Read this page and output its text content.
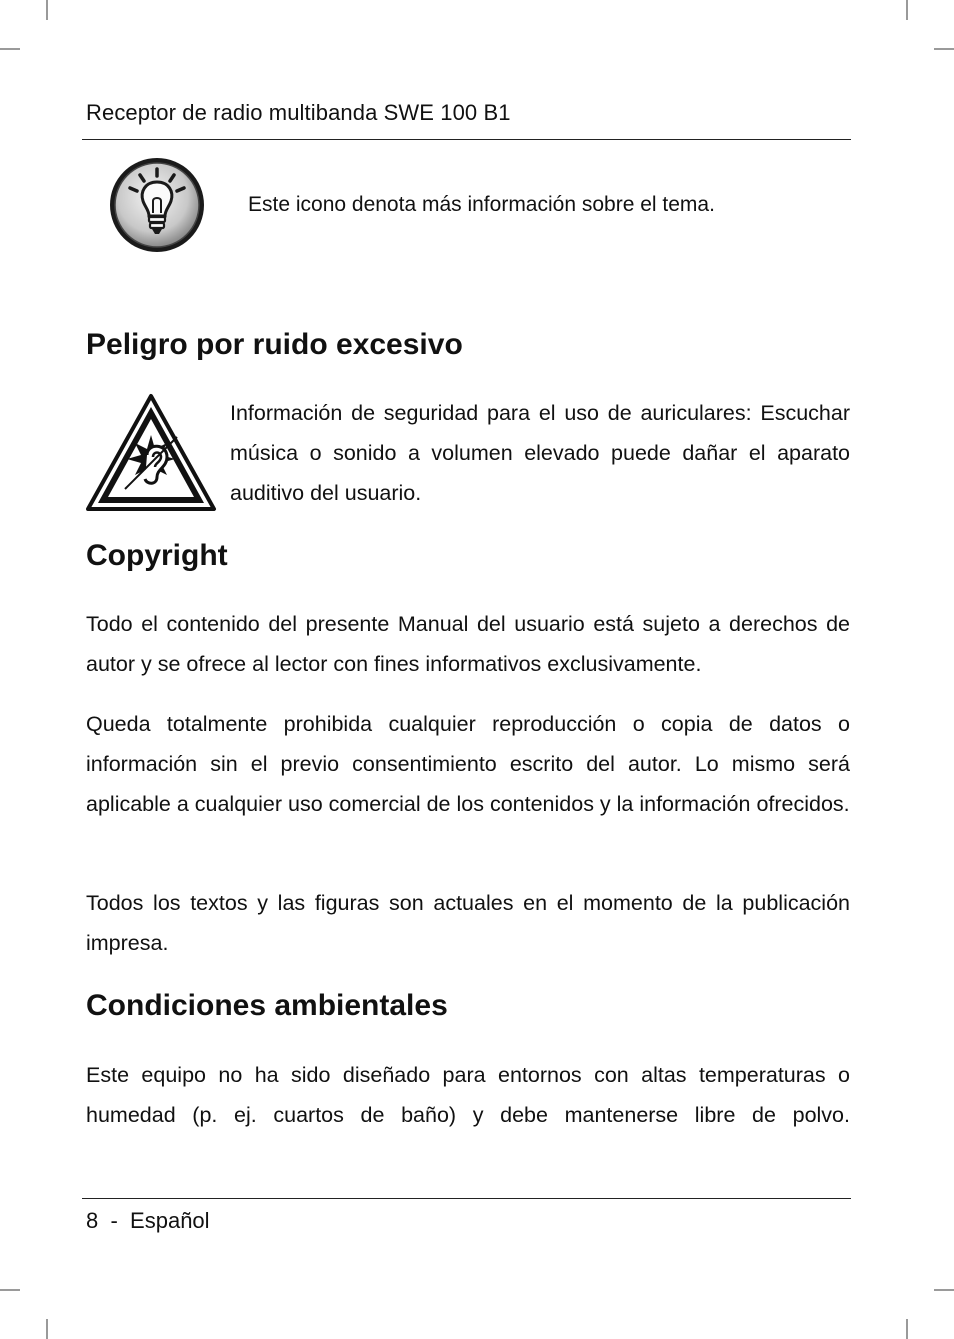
Receptor de radio multibanda SWE 100 B1
Este icono denota más información sobre el tema.
Peligro por ruido excesivo

Información de seguridad para el uso de auriculares: Escuchar música o sonido a volumen elevado puede dañar el aparato auditivo del usuario.

Copyright

Todo el contenido del presente Manual del usuario está sujeto a derechos de autor y se ofrece al lector con fines informativos exclusivamente.

Queda totalmente prohibida cualquier reproducción o copia de datos o información sin el previo consentimiento escrito del autor. Lo mismo será aplicable a cualquier uso comercial de los contenidos y la información ofrecidos.

Todos los textos y las figuras son actuales en el momento de la publicación impresa.

Condiciones ambientales

Este equipo no ha sido diseñado para entornos con altas temperaturas o humedad (p. ej. cuartos de baño) y debe mantenerse libre de polvo.

8 - Español
